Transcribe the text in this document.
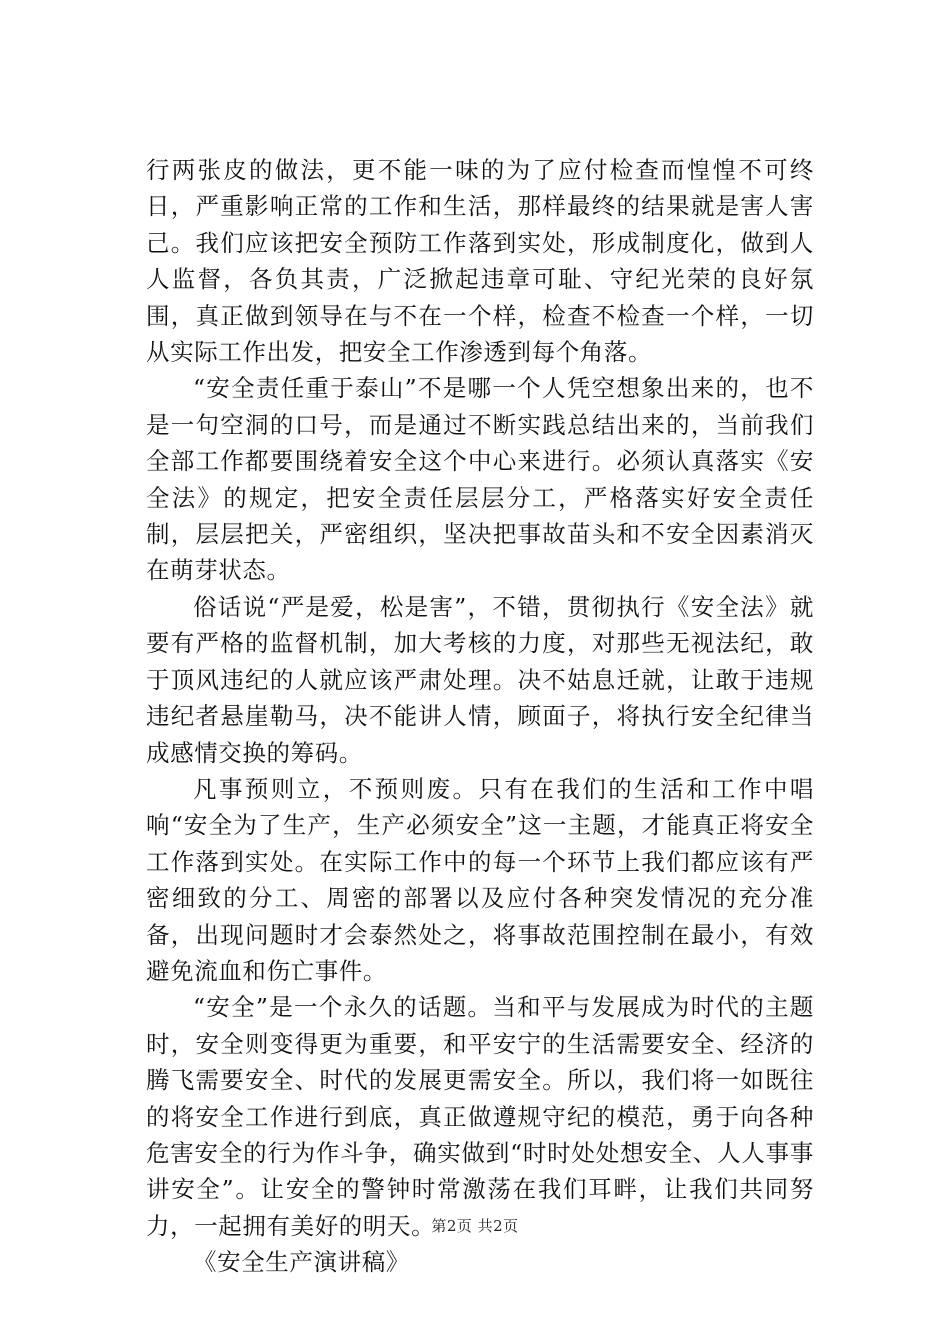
行两张皮的做法，更不能一味的为了应付检查而惶惶不可终日，严重影响正常的工作和生活，那样最终的结果就是害人害己。我们应该把安全预防工作落到实处，形成制度化，做到人人监督，各负其责，广泛掀起违章可耻、守纪光荣的良好氛围，真正做到领导在与不在一个样，检查不检查一个样，一切从实际工作出发，把安全工作渗透到每个角落。

“安全责任重于泰山”不是哪一个人凭空想象出来的，也不是一句空洞的口号，而是通过不断实践总结出来的，当前我们全部工作都要围绕着安全这个中心来进行。必须认真落实《安全法》的规定，把安全责任层层分工，严格落实好安全责任制，层层把关，严密组织，坚决把事故苗头和不安全因素消灭在萌芽状态。

俗话说“严是爱，松是害”，不错，贯彻执行《安全法》就要有严格的监督机制，加大考核的力度，对那些无视法纪，敢于顶风违纪的人就应该严肃处理。决不姑息迁就，让敢于违规违纪者悬崖勒马，决不能讲人情，顾面子，将执行安全纪律当成感情交换的筹码。

凡事预则立，不预则废。只有在我们的生活和工作中唱响“安全为了生产，生产必须安全”这一主题，才能真正将安全工作落到实处。在实际工作中的每一个环节上我们都应该有严密细致的分工、周密的部署以及应付各种突发情况的充分准备，出现问题时才会泰然处之，将事故范围控制在最小，有效避免流血和伤亡事件。

“安全”是一个永久的话题。当和平与发展成为时代的主题时，安全则变得更为重要，和平安宁的生活需要安全、经济的腾飞需要安全、时代的发展更需安全。所以，我们将一如既往的将安全工作进行到底，真正做遵规守纪的模范，勇于向各种危害安全的行为作斗争，确实做到“时时处处想安全、人人事事讲安全”。让安全的警钟时常激荡在我们耳畔，让我们共同努力，一起拥有美好的明天。

《安全生产演讲稿》

第2页 共2页
